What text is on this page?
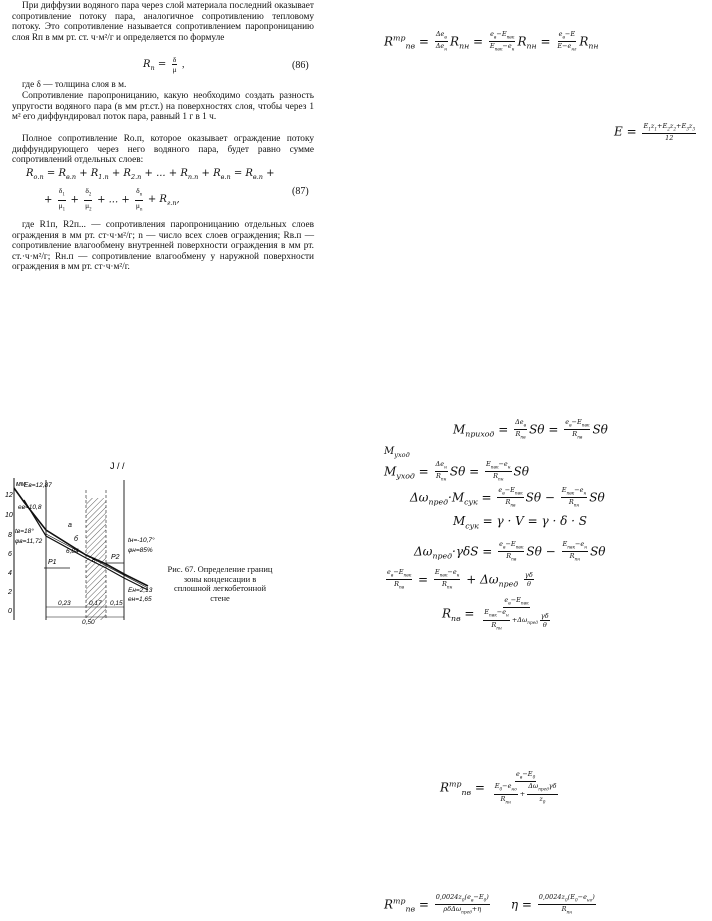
При диффузии водяного пара через слой материала последний оказывает сопротивление потоку пара, аналогичное сопротивлению тепловому потоку. Это сопротивление называется сопротивлением паропроницанию слоя Rп в мм рт. ст. ч·м²/г и определяется по формуле
$R_п = \frac{\delta}{\mu}$ ,	(86)
где δ — толщина слоя в м.
Сопротивление паропроницанию, какую необходимо создать разность упругости водяного пара (в мм рт.ст.) на поверхностях слоя, чтобы через 1 м² его диффундировал поток пара, равный 1 г в 1 ч.
Полное сопротивление Rо.п, которое оказывает ограждение потоку диффундирующего через него водяного пара, будет равно сумме сопротивлений отдельных слоев:
$R_{о.п} = R_{в.п} + R_{1.п} + R_{2.п}$ + ... + $R_{n.п} + R_{в.п} = R_{в.п}$ +
+ $\frac{\delta_1}{\mu_1} + \frac{\delta_2}{\mu_2}$ + ... + $\frac{\delta_n}{\mu_n} + R_{г.п}$,
(87)
где R1п, R2п... — сопротивления паропроницанию отдельных слоев ограждения в мм рт. ст·ч·м²/г; n — число всех слоев ограждения; Rв.п — сопротивление влагообмену внутренней поверхности ограждения в мм рт. ст.·ч·м²/г; Rн.п — сопротивление влагообмену у наружной поверхности ограждения в мм рт. ст·ч·м²/г.
J / /
мм
12
10
8
6
4
2
0
Eв=12,87
eв=10,8
tв=18°
φв=11,72
a
б
в
6,84
P1
P2
tн=-10,7°
φн=85%
Eн=2,13
eн=1,65
0,23	0,17 0,15
0,50
Рис. 67. Определение границ зоны конденсации в сплошной легкобетонной стене
$R^{тр}_{пв} = \frac{\Delta e_в}{\Delta e_н} R_{пн} = \frac{e_в-E_{пвк}}{E_{пвк}-e_н} R_{пн} = \frac{e_в-E}{E-e_{нг}} R_{пн}$
$E = \frac{E_1z_1+E_2z_2+E_3z_3}{12}$
$M_{приход} = \frac{\Delta e_в}{R_{пв}}$ $S\theta = \frac{e_в-E_{пвк}}{R_{пв}}$ Sθ
$M_{уход}$
$M_{уход} = \frac{\Delta e_н}{R_{пн}}$ $S\theta = \frac{E_{пвк}-e_н}{R_{пн}}$ Sθ
$\Delta\omega_{пред}\cdot M_{сук} = \frac{e_в-E_{пвк}}{R_{пв}}$ $S\theta - \frac{E_{пвк}-e_н}{R_{пн}}$ Sθ
$M_{сук} = \gamma \cdot V = \gamma \cdot \delta \cdot S$
$\Delta\omega_{пред}\cdot\gamma\delta S = \frac{e_в-E_{пвк}}{R_{пв}}$ $S\theta - \frac{E_{пвк}-e_н}{R_{пн}}$ Sθ
$\frac{e_в-E_{пвк}}{R_{пв}} = \frac{E_{пвк}-e_н}{R_{пн}} + \Delta\omega_{пред} \frac{\gamma\delta}{\theta}$
$R_{пв} = \frac{e_в-E_{пвк}}{\frac{E_{пвк}-e_н}{R_{пн}} +\Delta\omega_{пред} \frac{\gamma\delta}{\theta}}$
$R^{тр}_{пв} = \frac{e_в-E_0}{\frac{E_0-e_{но}}{R_{пн}} + \frac{\Delta\omega_{пред}\gamma\delta}{z_0}}$
$R^{тр}_{пв} = \frac{0,0024z_0(e_в-E_0)}{\rho\delta\Delta\omega_{пред}+\eta}$ $\eta = \frac{0,0024z_0(E_0-e_{но})}{R_{пн}}$
